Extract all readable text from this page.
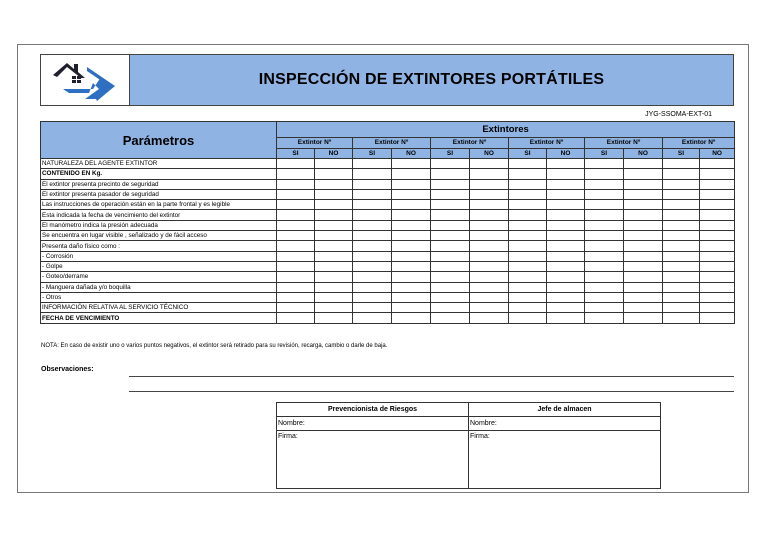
INSPECCIÓN DE EXTINTORES PORTÁTILES
JYG-SSOMA-EXT-01
Parámetros	Extintores											
	Extintor Nº		Extintor Nº		Extintor Nº		Extintor Nº		Extintor Nº		Extintor Nº	
	SI	NO	SI	NO	SI	NO	SI	NO	SI	NO	SI	NO
NATURALEZA DEL AGENTE EXTINTOR												
CONTENIDO EN Kg.												
El extintor presenta precinto de seguridad												
El extintor presenta pasador de seguridad												
Las instrucciones de operación están en la parte frontal y es legible												
Esta indicada la fecha de vencimiento del extintor												
El manómetro indica la presión adecuada												
Se encuentra en lugar visible , señalizado y de fácil acceso												
Presenta daño físico como :												
- Corrosión												
- Golpe												
- Goteo/derrame												
- Manguera dañada y/o boquilla												
- Otros												
INFORMACIÓN RELATIVA AL SERVICIO TÉCNICO												
FECHA DE VENCIMIENTO												
NOTA: En caso de existir uno o varios puntos negativos, el extintor será retirado para su revisión, recarga, cambio o darle de baja.
Observaciones:
Prevencionista de Riesgos
Nombre:
Firma:
Jefe de almacen
Nombre:
Firma:
